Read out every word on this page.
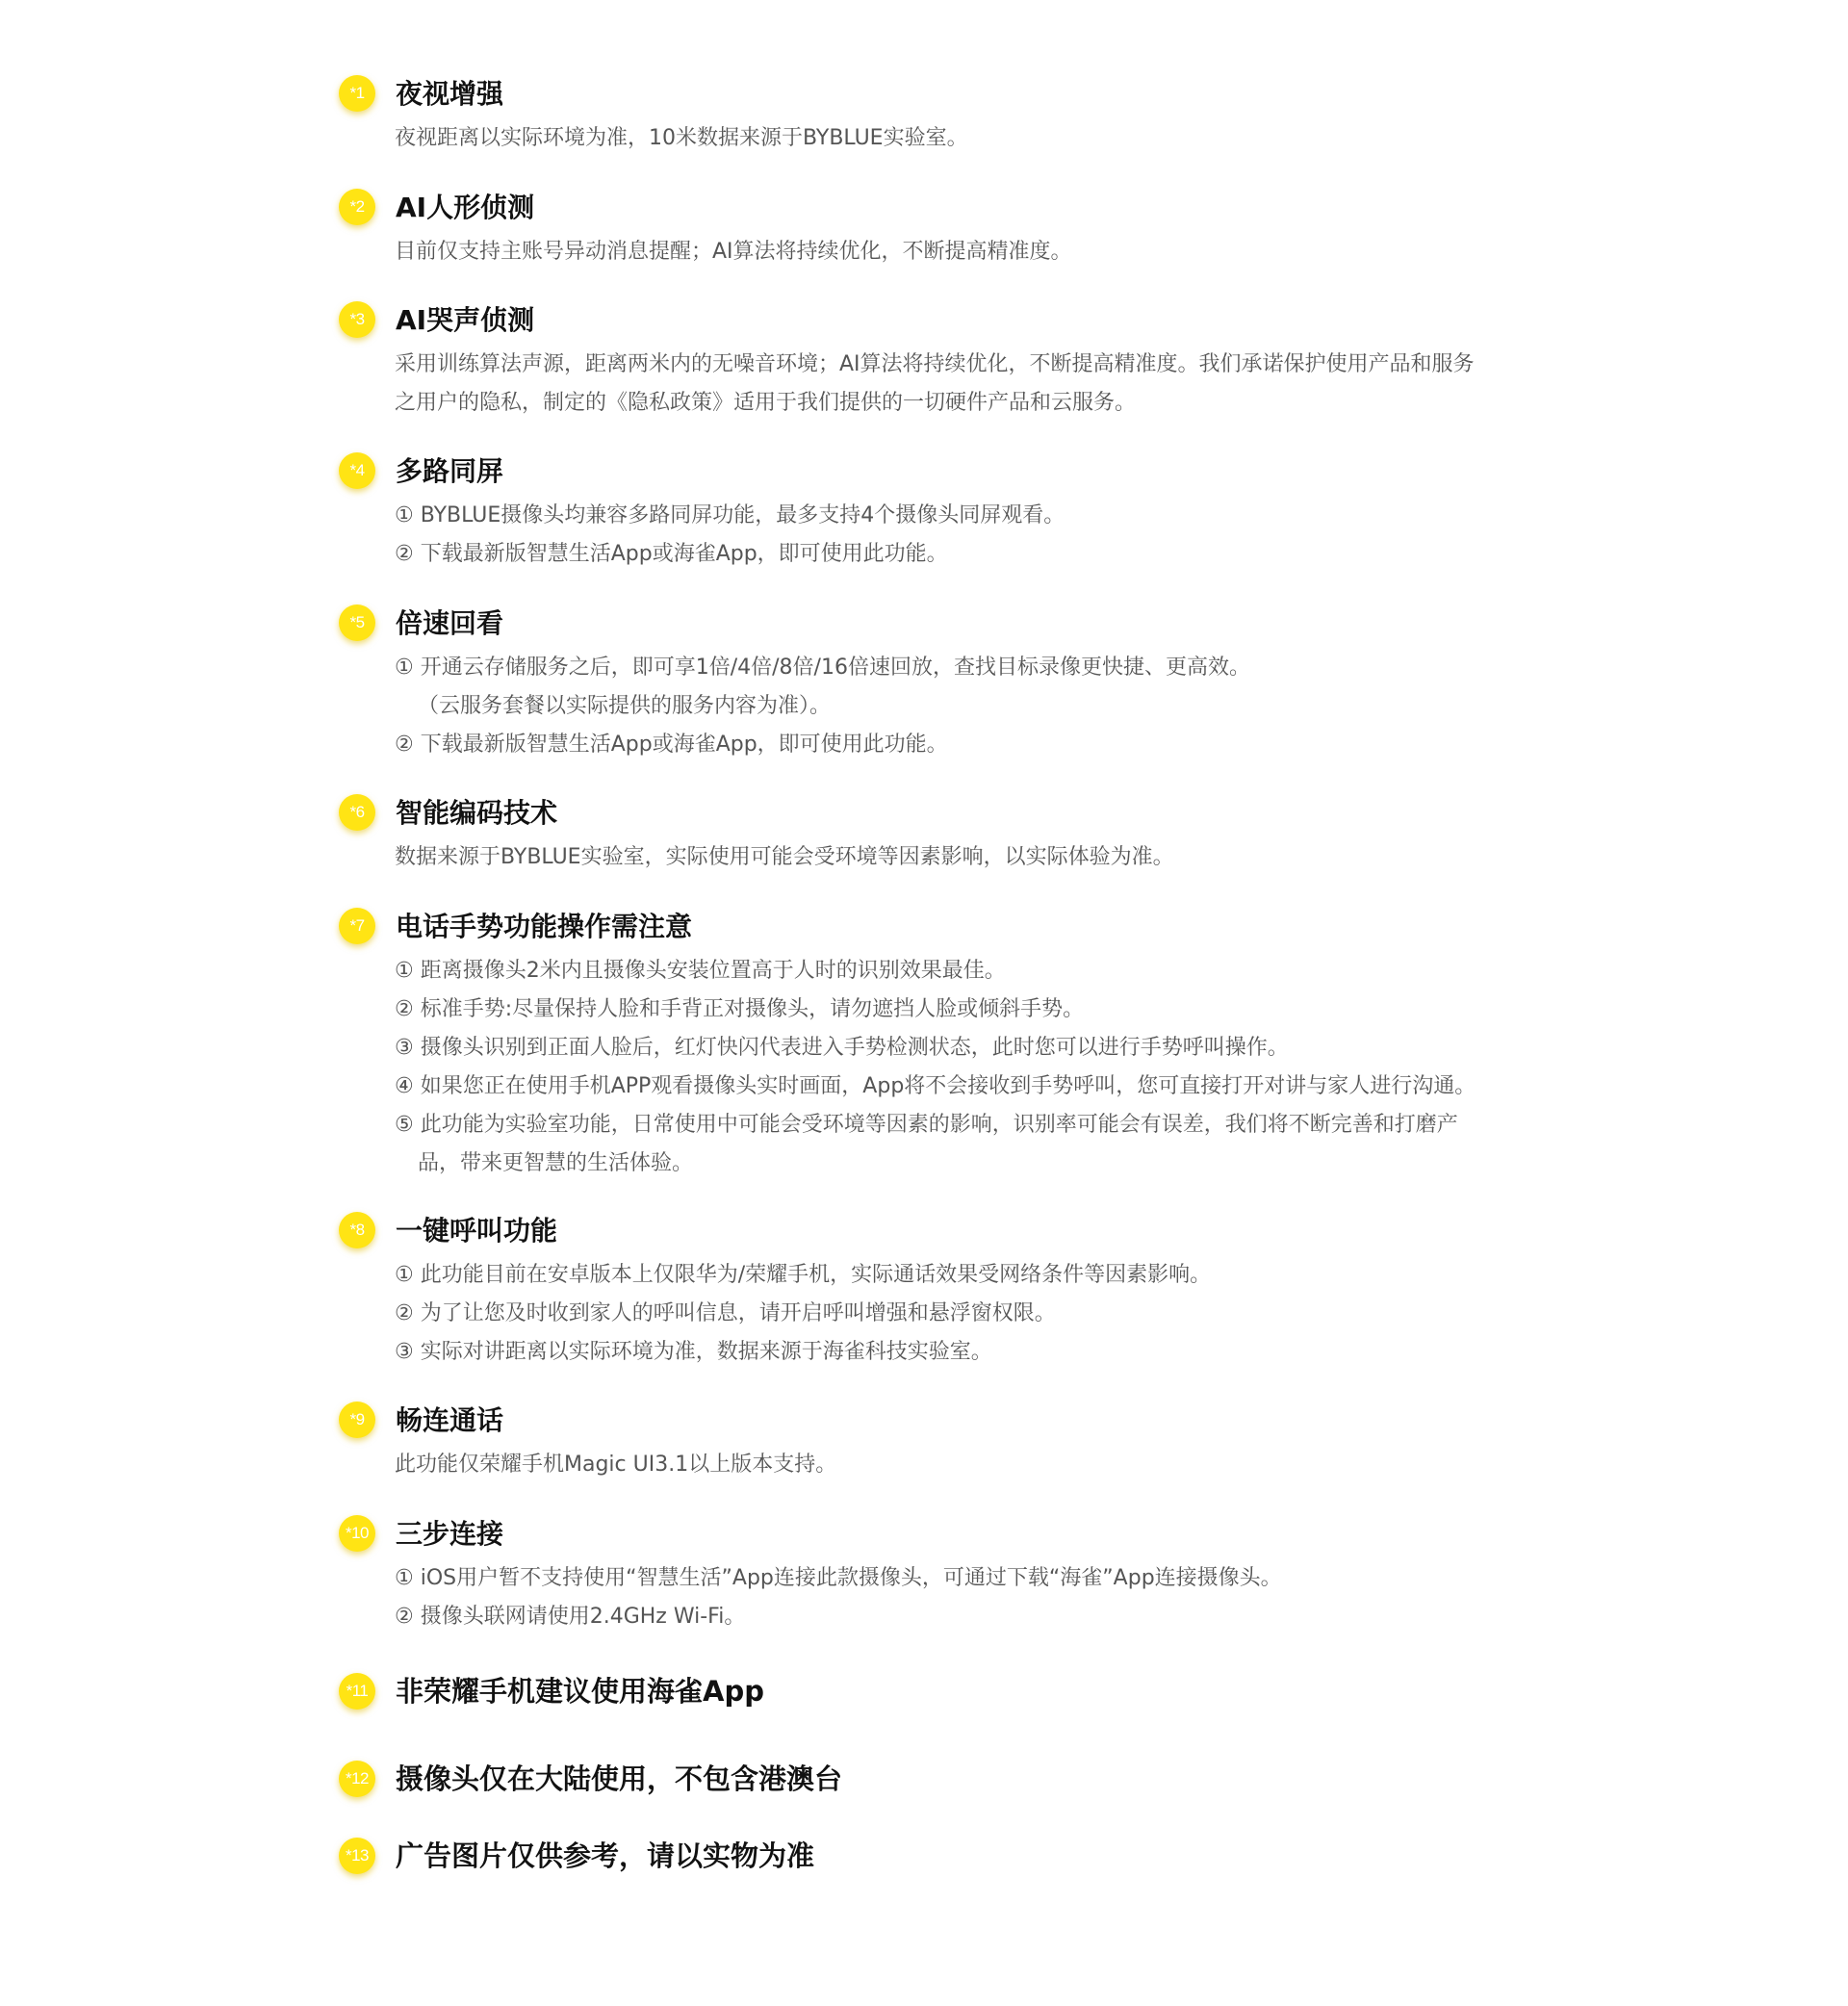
*1	夜视增强
夜视距离以实际环境为准，10米数据来源于BYBLUE实验室。
*2	AI人形侦测
目前仅支持主账号异动消息提醒；AI算法将持续优化，不断提高精准度。
*3	AI哭声侦测
采用训练算法声源，距离两米内的无噪音环境；AI算法将持续优化，不断提高精准度。我们承诺保护使用产品和服务
之用户的隐私，制定的《隐私政策》适用于我们提供的一切硬件产品和云服务。
*4	多路同屏
① BYBLUE摄像头均兼容多路同屏功能，最多支持4个摄像头同屏观看。
② 下载最新版智慧生活App或海雀App，即可使用此功能。
*5	倍速回看
① 开通云存储服务之后，即可享1倍/4倍/8倍/16倍速回放，查找目标录像更快捷、更高效。
（云服务套餐以实际提供的服务内容为准）。
② 下载最新版智慧生活App或海雀App，即可使用此功能。
*6	智能编码技术
数据来源于BYBLUE实验室，实际使用可能会受环境等因素影响，以实际体验为准。
*7	电话手势功能操作需注意
① 距离摄像头2米内且摄像头安装位置高于人时的识别效果最佳。
② 标准手势:尽量保持人脸和手背正对摄像头，请勿遮挡人脸或倾斜手势。
③ 摄像头识别到正面人脸后，红灯快闪代表进入手势检测状态，此时您可以进行手势呼叫操作。
④ 如果您正在使用手机APP观看摄像头实时画面，App将不会接收到手势呼叫，您可直接打开对讲与家人进行沟通。
⑤ 此功能为实验室功能，日常使用中可能会受环境等因素的影响，识别率可能会有误差，我们将不断完善和打磨产
品，带来更智慧的生活体验。
*8	一键呼叫功能
① 此功能目前在安卓版本上仅限华为/荣耀手机，实际通话效果受网络条件等因素影响。
② 为了让您及时收到家人的呼叫信息，请开启呼叫增强和悬浮窗权限。
③ 实际对讲距离以实际环境为准，数据来源于海雀科技实验室。
*9	畅连通话
此功能仅荣耀手机Magic UI3.1以上版本支持。
*10 三步连接
① iOS用户暂不支持使用“智慧生活”App连接此款摄像头，可通过下载“海雀”App连接摄像头。
② 摄像头联网请使用2.4GHz Wi-Fi。
*11 非荣耀手机建议使用海雀App
*12 摄像头仅在大陆使用，不包含港澳台
*13 广告图片仅供参考，请以实物为准
